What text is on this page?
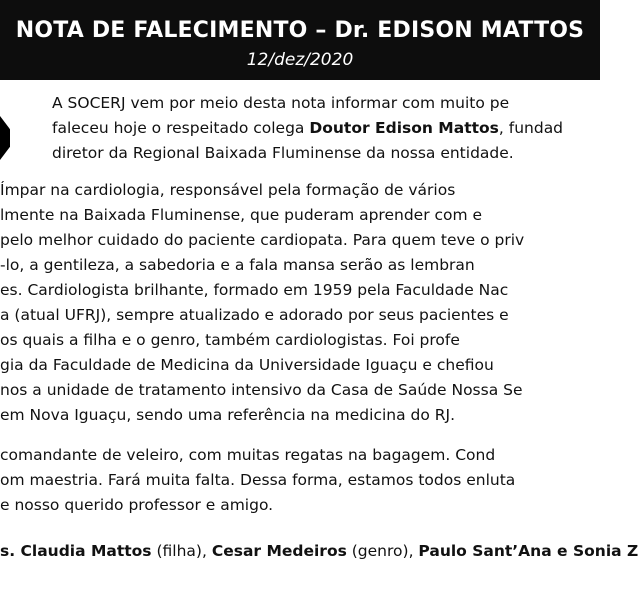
NOTA DE FALECIMENTO – Dr. EDISON MATTOS
12/dez/2020
A SOCERJ vem por meio desta nota informar com muito pe
faleceu hoje o respeitado colega Doutor Edison Mattos, fundad
diretor da Regional Baixada Fluminense da nossa entidade.
Ímpar na cardiologia, responsável pela formação de vários
lmente na Baixada Fluminense, que puderam aprender com e
pelo melhor cuidado do paciente cardiopata. Para quem teve o priv
-lo, a gentileza, a sabedoria e a fala mansa serão as lembran
es. Cardiologista brilhante, formado em 1959 pela Faculdade Nac
a (atual UFRJ), sempre atualizado e adorado por seus pacientes e
os quais a filha e o genro, também cardiologistas. Foi profe
gia da Faculdade de Medicina da Universidade Iguaçu e chefiou
nos a unidade de tratamento intensivo da Casa de Saúde Nossa Se
em Nova Iguaçu, sendo uma referência na medicina do RJ.
comandante de veleiro, com muitas regatas na bagagem. Cond
om maestria. Fará muita falta. Dessa forma, estamos todos enluta
e nosso querido professor e amigo.
s. Claudia Mattos (filha), Cesar Medeiros (genro), Paulo Sant’Ana e Sonia Z
